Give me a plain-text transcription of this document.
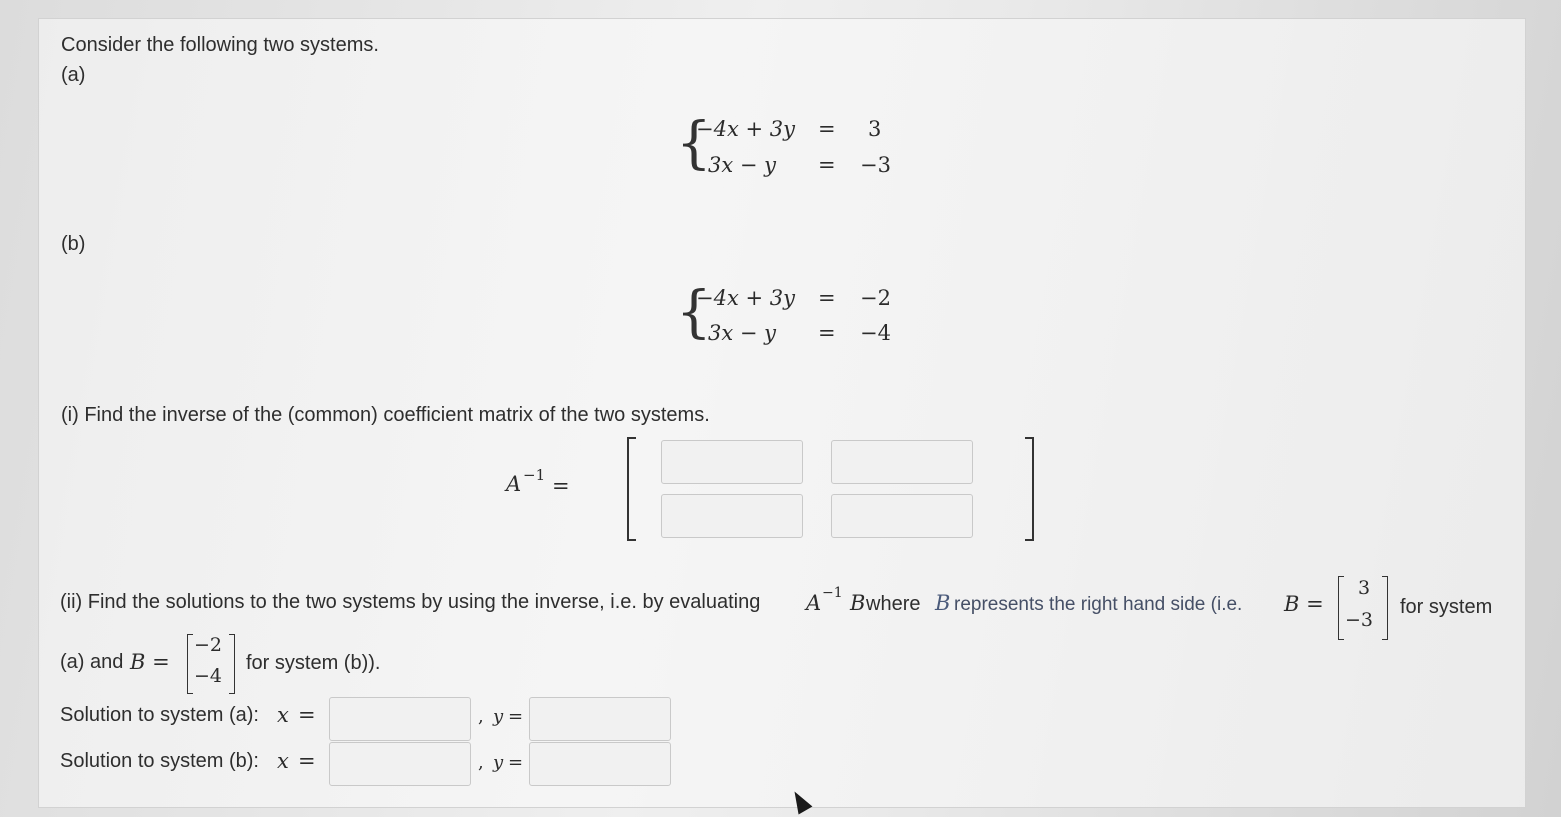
Consider the following two systems.
(a)
{
−4x + 3y = 3
3x − y = −3
(b)
{
−4x + 3y = −2
3x − y = −4
(i) Find the inverse of the (common) coefficient matrix of the two systems.
A −1 =
(ii) Find the solutions to the two systems by using the inverse, i.e. by evaluating A −1 B where B represents the right hand side (i.e. B =
3
−3
for system
(a) and B =
−2
−4
for system (b)).
Solution to system (a): x =	, y =
Solution to system (b): x =	, y =
